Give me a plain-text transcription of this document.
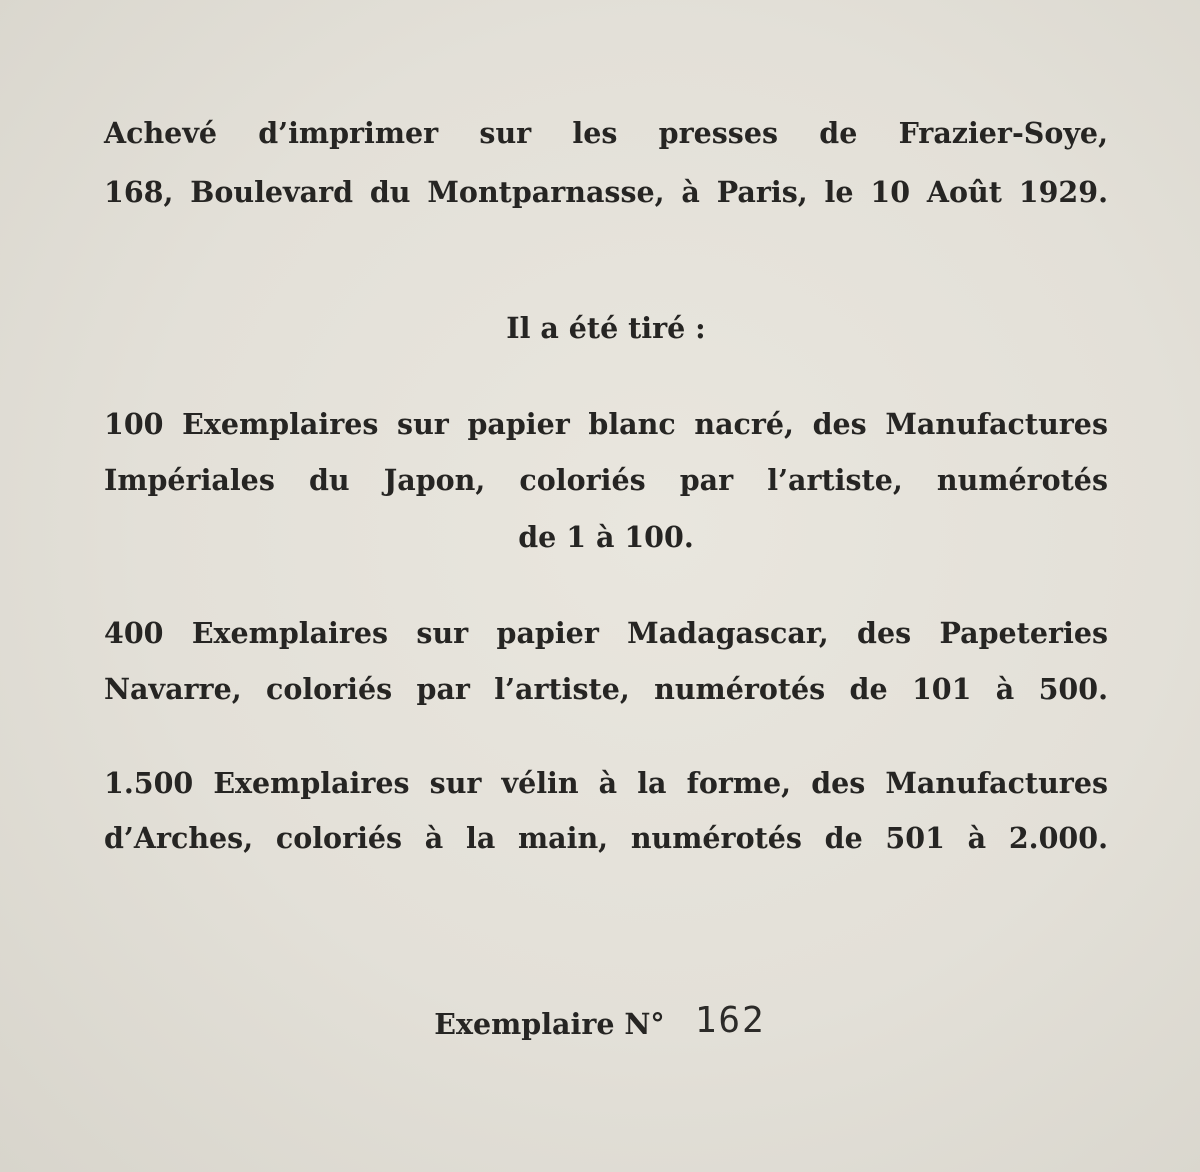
Achevé d’imprimer sur les presses de Frazier-Soye,
168, Boulevard du Montparnasse, à Paris, le 10 Août 1929.
Il a été tiré :
100 Exemplaires sur papier blanc nacré, des Manufactures
Impériales du Japon, coloriés par l’artiste, numérotés
de 1 à 100.
400 Exemplaires sur papier Madagascar, des Papeteries
Navarre, coloriés par l’artiste, numérotés de 101 à 500.
1.500 Exemplaires sur vélin à la forme, des Manufactures
d’Arches, coloriés à la main, numérotés de 501 à 2.000.
Exemplaire N° 162
